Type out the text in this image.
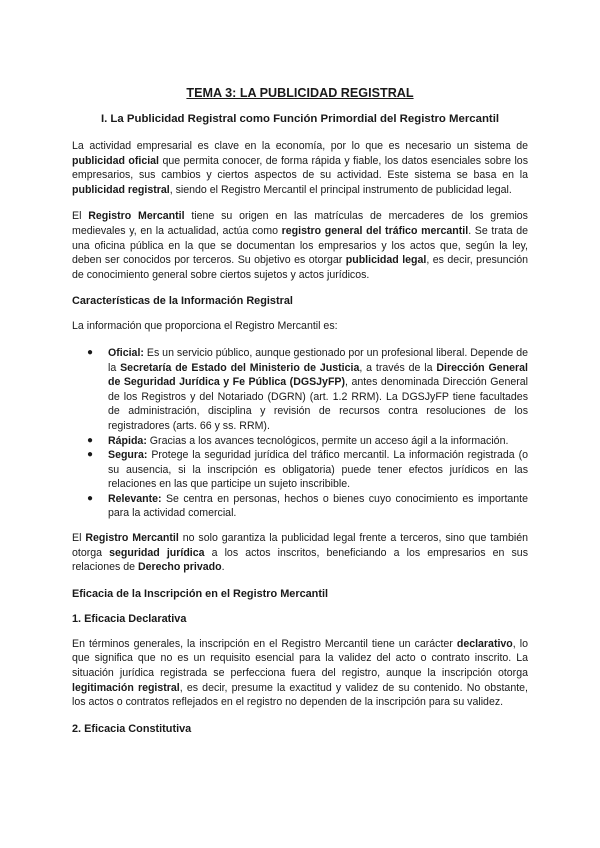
TEMA 3: LA PUBLICIDAD REGISTRAL
I. La Publicidad Registral como Función Primordial del Registro Mercantil

La actividad empresarial es clave en la economía, por lo que es necesario un sistema de publicidad oficial que permita conocer, de forma rápida y fiable, los datos esenciales sobre los empresarios, sus cambios y ciertos aspectos de su actividad. Este sistema se basa en la publicidad registral, siendo el Registro Mercantil el principal instrumento de publicidad legal.

El Registro Mercantil tiene su origen en las matrículas de mercaderes de los gremios medievales y, en la actualidad, actúa como registro general del tráfico mercantil. Se trata de una oficina pública en la que se documentan los empresarios y los actos que, según la ley, deben ser conocidos por terceros. Su objetivo es otorgar publicidad legal, es decir, presunción de conocimiento general sobre ciertos sujetos y actos jurídicos.

Características de la Información Registral

La información que proporciona el Registro Mercantil es:

● Oficial: Es un servicio público, aunque gestionado por un profesional liberal. Depende de la Secretaría de Estado del Ministerio de Justicia, a través de la Dirección General de Seguridad Jurídica y Fe Pública (DGSJyFP), antes denominada Dirección General de los Registros y del Notariado (DGRN) (art. 1.2 RRM). La DGSJyFP tiene facultades de administración, disciplina y revisión de recursos contra resoluciones de los registradores (arts. 66 y ss. RRM).
● Rápida: Gracias a los avances tecnológicos, permite un acceso ágil a la información.
● Segura: Protege la seguridad jurídica del tráfico mercantil. La información registrada (o su ausencia, si la inscripción es obligatoria) puede tener efectos jurídicos en las relaciones en las que participe un sujeto inscribible.
● Relevante: Se centra en personas, hechos o bienes cuyo conocimiento es importante para la actividad comercial.

El Registro Mercantil no solo garantiza la publicidad legal frente a terceros, sino que también otorga seguridad jurídica a los actos inscritos, beneficiando a los empresarios en sus relaciones de Derecho privado.

Eficacia de la Inscripción en el Registro Mercantil
1. Eficacia Declarativa

En términos generales, la inscripción en el Registro Mercantil tiene un carácter declarativo, lo que significa que no es un requisito esencial para la validez del acto o contrato inscrito. La situación jurídica registrada se perfecciona fuera del registro, aunque la inscripción otorga legitimación registral, es decir, presume la exactitud y validez de su contenido. No obstante, los actos o contratos reflejados en el registro no dependen de la inscripción para su validez.

2. Eficacia Constitutiva
